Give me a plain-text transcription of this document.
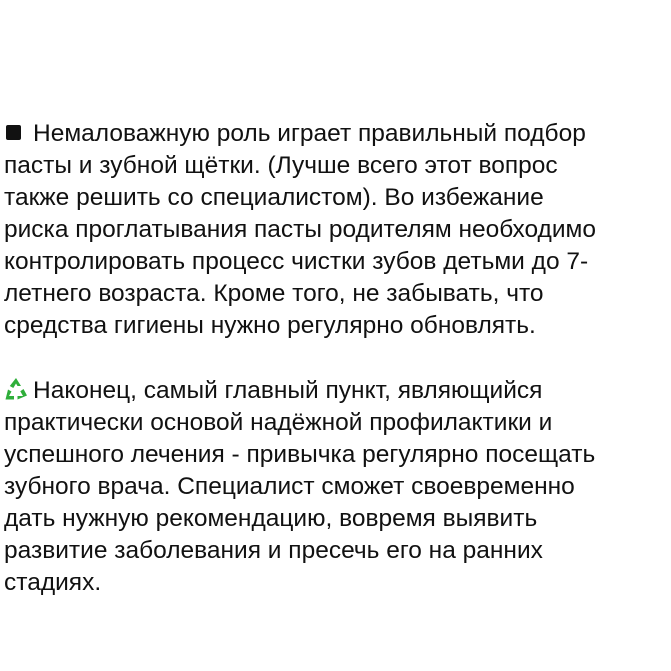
Немаловажную роль играет правильный подбор
пасты и зубной щётки. (Лучше всего этот вопрос
также решить со специалистом). Во избежание
риска проглатывания пасты родителям необходимо
контролировать процесс чистки зубов детьми до 7-
летнего возраста. Кроме того, не забывать, что
средства гигиены нужно регулярно обновлять.
Наконец, самый главный пункт, являющийся
практически основой надёжной профилактики и
успешного лечения - привычка регулярно посещать
зубного врача. Специалист сможет своевременно
дать нужную рекомендацию, вовремя выявить
развитие заболевания и пресечь его на ранних
стадиях.
